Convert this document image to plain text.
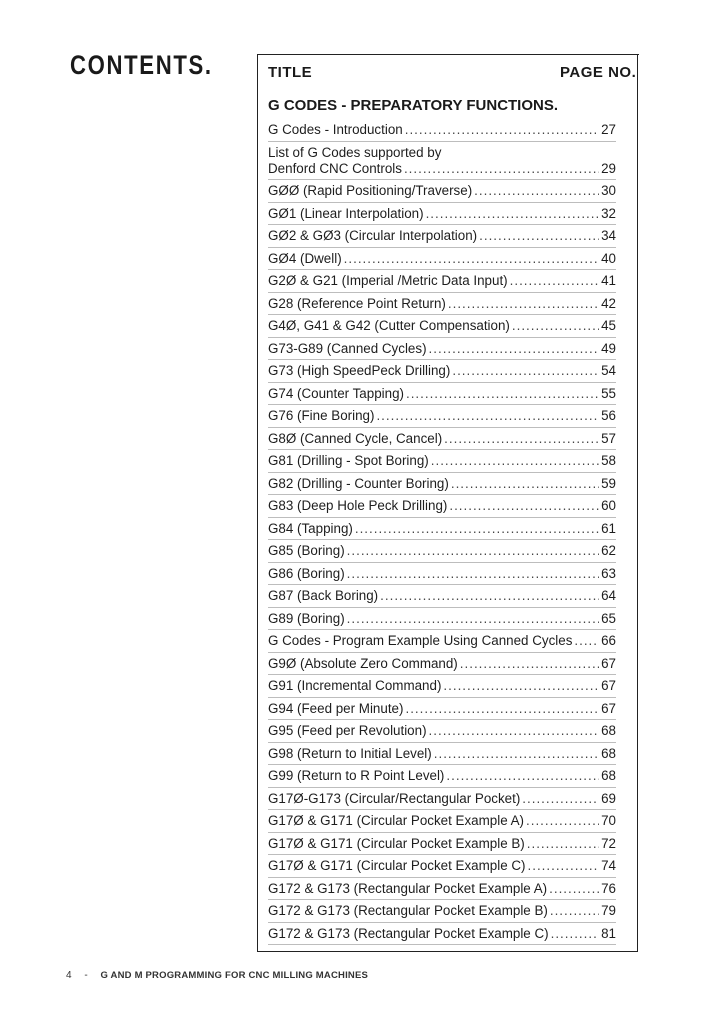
CONTENTS.	TITLE	PAGE NO.
G CODES - PREPARATORY FUNCTIONS.
G Codes - Introduction .....	27
List of G Codes supported by
Denford CNC Controls .....	29
GØØ (Rapid Positioning/Traverse) .....	30
GØ1 (Linear Interpolation) .....	32
GØ2 & GØ3 (Circular Interpolation) .....	34
GØ4 (Dwell) .....	40
G2Ø & G21 (Imperial /Metric Data Input) .....	41
G28 (Reference Point Return) .....	42
G4Ø, G41 & G42 (Cutter Compensation) .....	45
G73-G89 (Canned Cycles) .....	49
G73 (High SpeedPeck Drilling) .....	54
G74 (Counter Tapping) .....	55
G76 (Fine Boring) .....	56
G8Ø (Canned Cycle, Cancel) .....	57
G81 (Drilling - Spot Boring) .....	58
G82 (Drilling - Counter Boring) .....	59
G83 (Deep Hole Peck Drilling) .....	60
G84 (Tapping) .....	61
G85 (Boring) .....	62
G86 (Boring) .....	63
G87 (Back Boring) .....	64
G89 (Boring) .....	65
G Codes - Program Example Using Canned Cycles ..... 66
G9Ø (Absolute Zero Command) .....	67
G91 (Incremental Command) .....	67
G94 (Feed per Minute) .....	67
G95 (Feed per Revolution) .....	68
G98 (Return to Initial Level) .....	68
G99 (Return to R Point Level) .....	68
G17Ø-G173 (Circular/Rectangular Pocket) .....	69
G17Ø & G171 (Circular Pocket Example A) .....	70
G17Ø & G171 (Circular Pocket Example B) .....	72
G17Ø & G171 (Circular Pocket Example C) .....	74
G172 & G173 (Rectangular Pocket Example A) .....	76
G172 & G173 (Rectangular Pocket Example B) .....	79
G172 & G173 (Rectangular Pocket Example C) .....	81
4 - G AND M PROGRAMMING FOR CNC MILLING MACHINES
